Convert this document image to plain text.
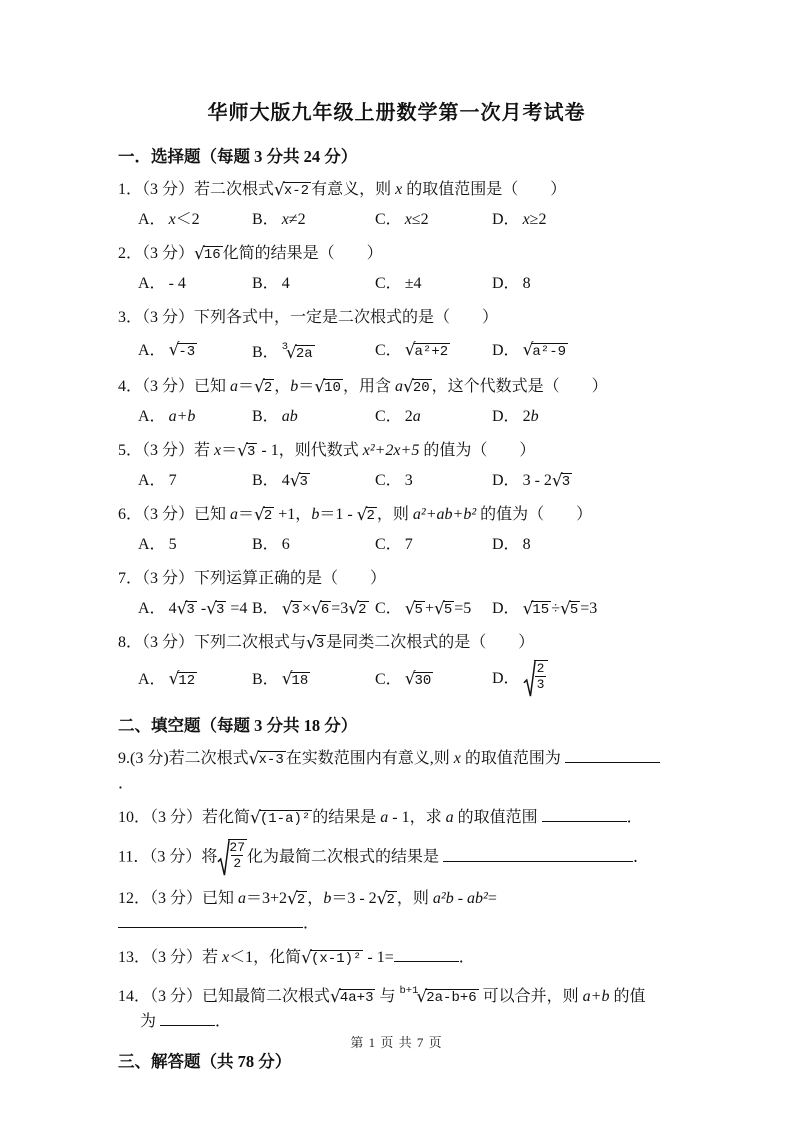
华师大版九年级上册数学第一次月考试卷
一．选择题（每题 3 分共 24 分）
1．（3 分）若二次根式√x-2 有意义，则 x 的取值范围是（　　）
A． x＜2	B． x≠2	C． x≤2	D． x≥2
2．（3 分）√16 化简的结果是（　　）
A． - 4	B． 4	C． ±4	D． 8
3．（3 分）下列各式中，一定是二次根式的是（　　）
A． √-3	B． 3√2a	C． √a²+2	D． √a²-9
4．（3 分）已知 a＝√2 ，b＝√10 ，用含 a√20 ，这个代数式是（　　）
A． a+b	B． ab	C． 2a	D． 2b
5．（3 分）若 x＝√3 - 1，则代数式 x²+2x+5 的值为（　　）
A． 7	B． 4√3	C． 3	D． 3 - 2√3
6．（3 分）已知 a＝√2 +1，b＝1 - √2 ，则 a²+ab+b² 的值为（　　）
A． 5	B． 6	C． 7	D． 8
7．（3 分）下列运算正确的是（　　）
A． 4√3 -√3 =4 B． √3 ×√6 =3√2 C． √5 +√5 =5	D． √15 ÷√5 =3
8．（3 分）下列二次根式与√3 是同类二次根式的是（　　）
A． √12	B． √18	C． √30	D． $\frac{2}{3}$
二、填空题（每题 3 分共 18 分）
9.(3 分)若二次根式√x-3 在实数范围内有意义,则 x 的取值范围为 ．
10．（3 分）若化简√(1-a)² 的结果是 a - 1，求 a 的取值范围	．
11．（3 分）将 $\frac{27}{2}$ 化为最简二次根式的结果是	．
12．（3 分）已知 a＝3+2√2 ，b＝3 - 2√2 ，则 a²b - ab²=．
13．（3 分）若 x＜1，化简√(x-1)² - 1=	．
14．（3 分）已知最简二次根式√4a+3 与 b+1√2a-b+6 可以合并，则 a+b 的值
为	．
三、解答题（共 78 分）
第 1 页 共 7 页
